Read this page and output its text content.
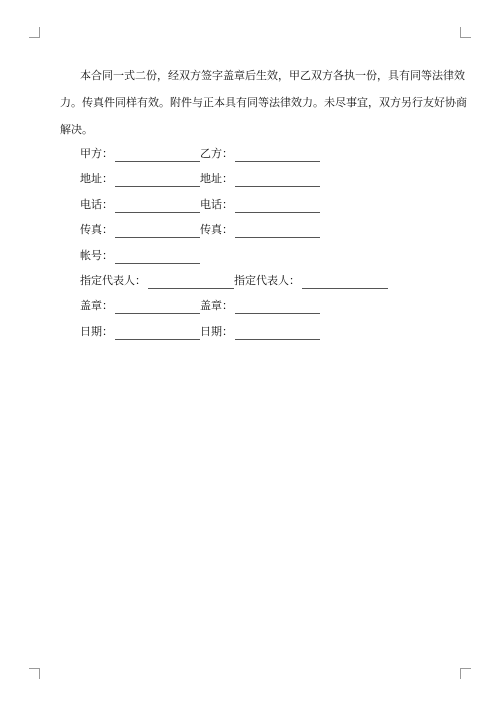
本合同一式二份，经双方签字盖章后生效，甲乙双方各执一份，具有同等法律效
力。传真件同样有效。附件与正本具有同等法律效力。未尽事宜，双方另行友好协商
解决。
甲方：	乙方：
地址：	地址：
电话：	电话：
传真：	传真：
帐号：
指定代表人：	指定代表人：
盖章：	盖章：
日期：	日期：
